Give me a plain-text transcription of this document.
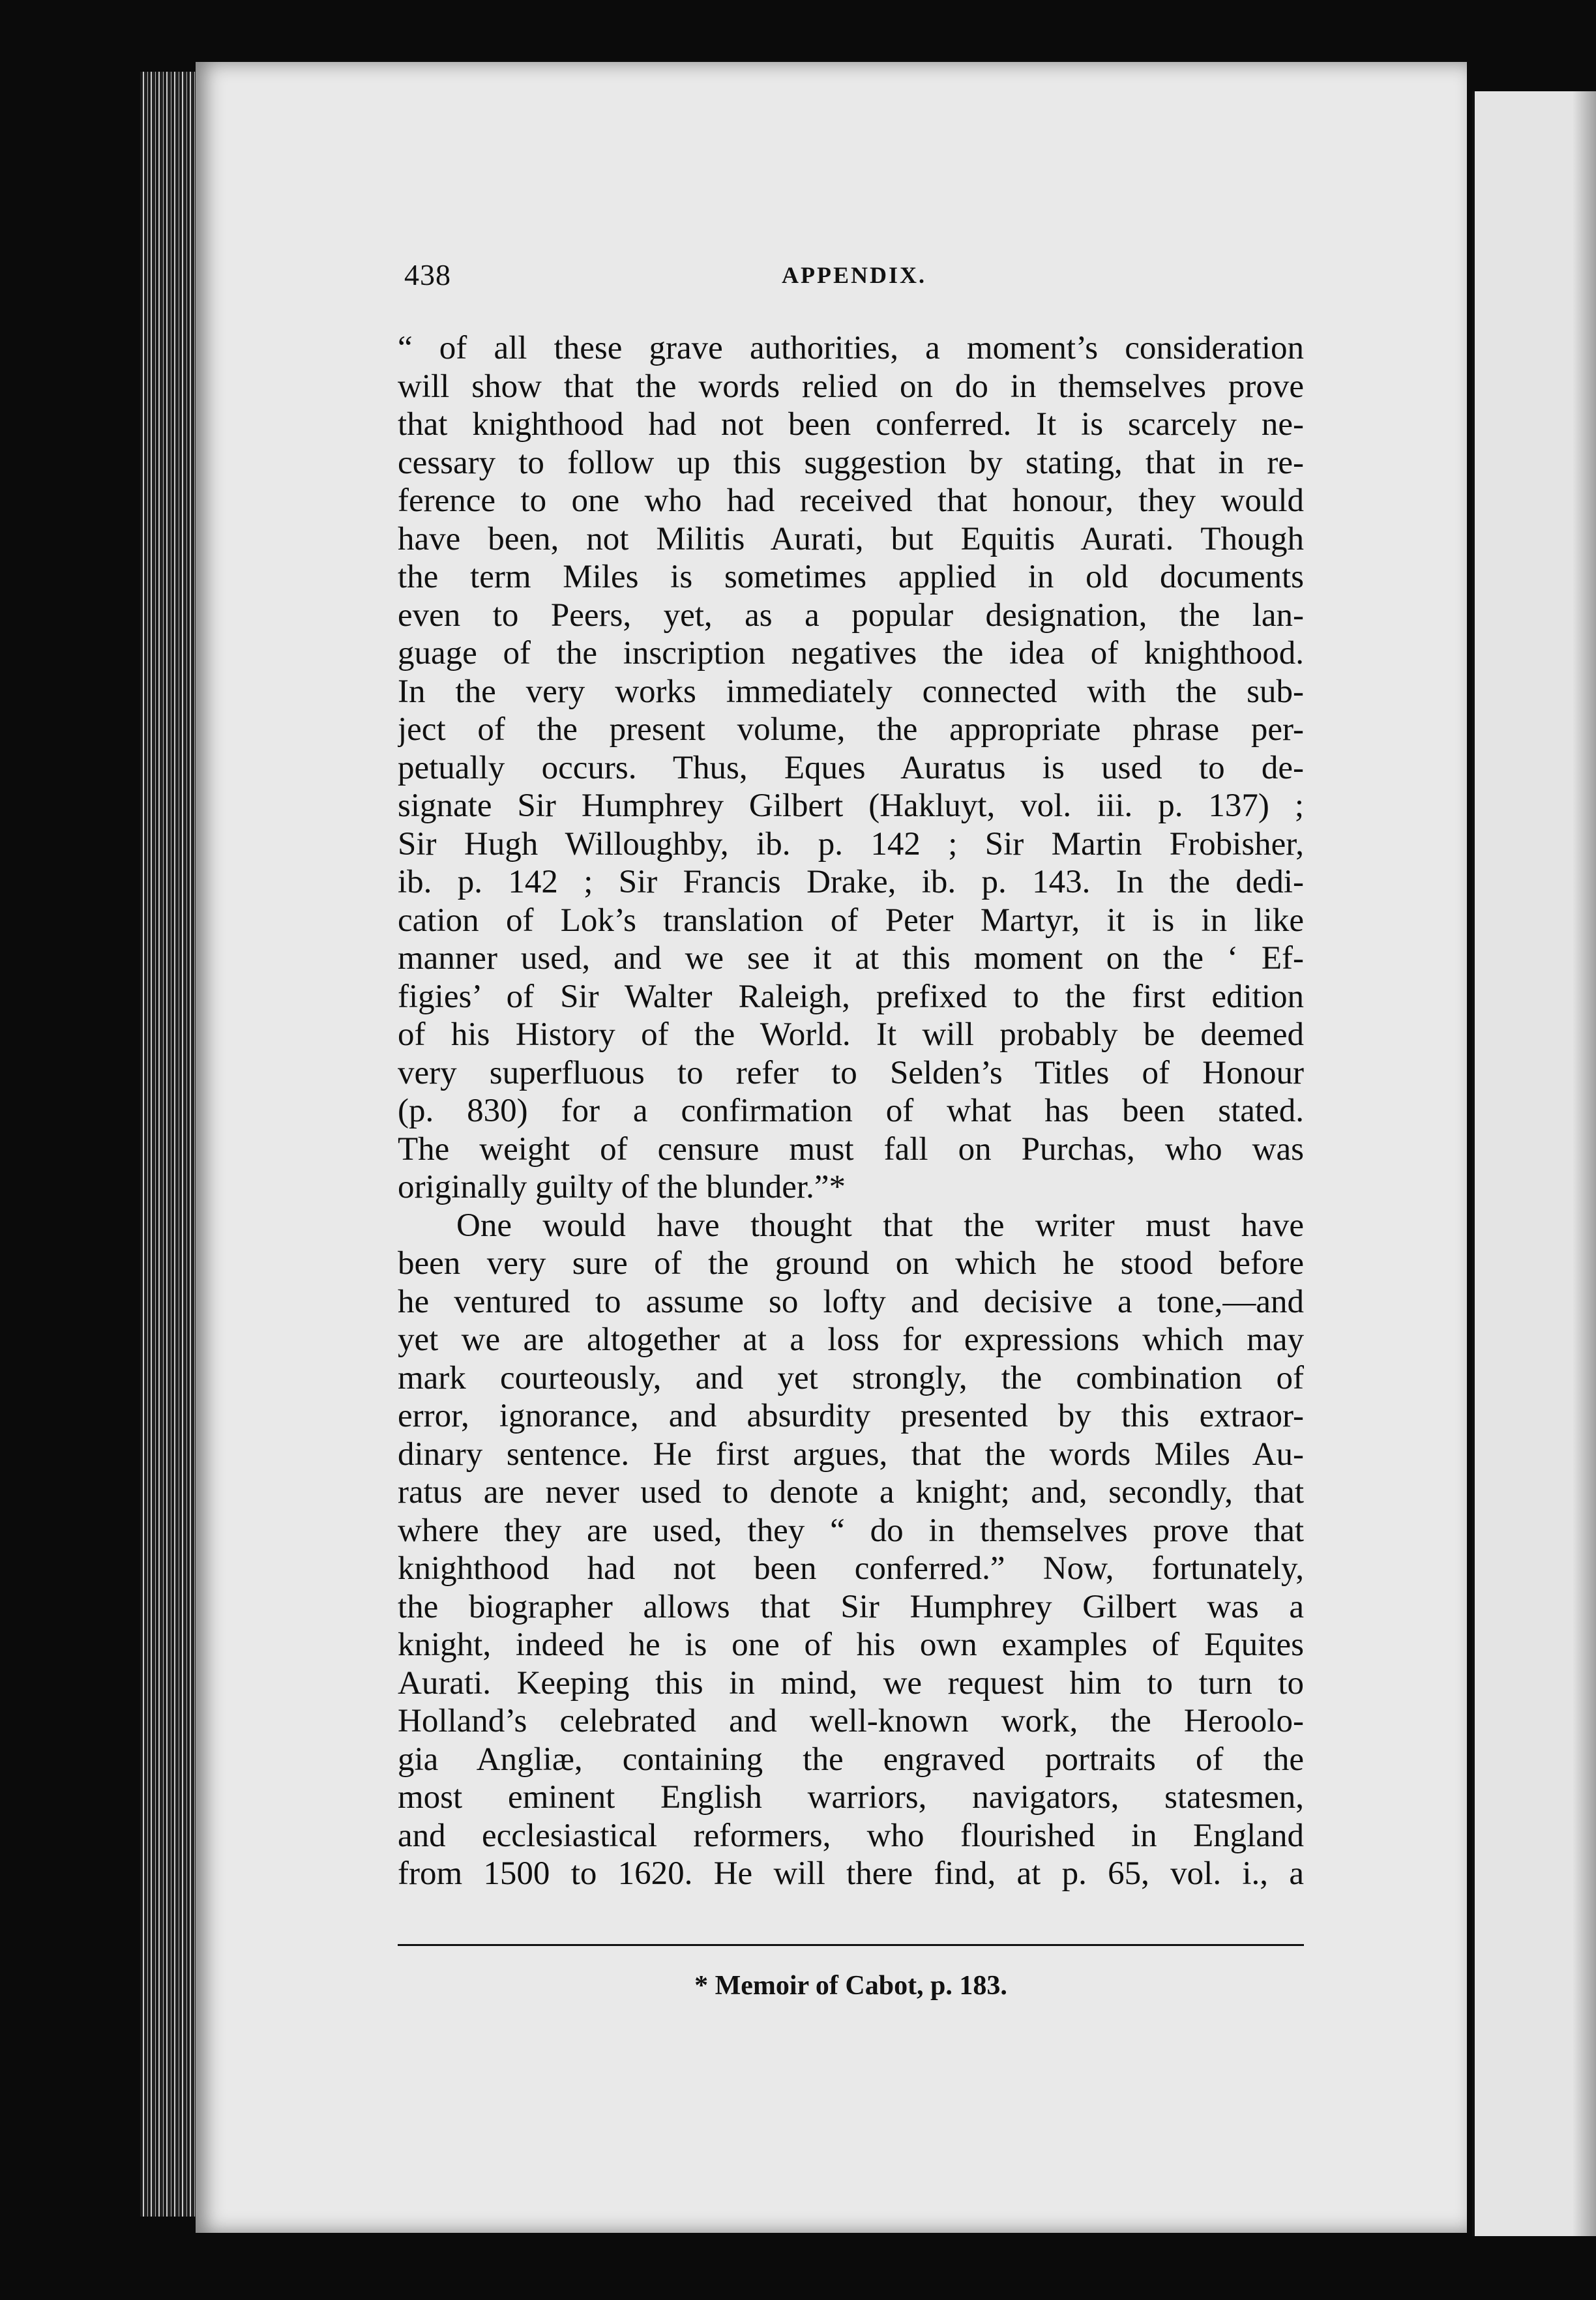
438	APPENDIX.
“ of all these grave authorities, a moment’s consideration
will show that the words relied on do in themselves prove
that knighthood had not been conferred. It is scarcely ne-
cessary to follow up this suggestion by stating, that in re-
ference to one who had received that honour, they would
have been, not Militis Aurati, but Equitis Aurati. Though
the term Miles is sometimes applied in old documents
even to Peers, yet, as a popular designation, the lan-
guage of the inscription negatives the idea of knighthood.
In the very works immediately connected with the sub-
ject of the present volume, the appropriate phrase per-
petually occurs. Thus, Eques Auratus is used to de-
signate Sir Humphrey Gilbert (Hakluyt, vol. iii. p. 137) ;
Sir Hugh Willoughby, ib. p. 142 ; Sir Martin Frobisher,
ib. p. 142 ; Sir Francis Drake, ib. p. 143. In the dedi-
cation of Lok’s translation of Peter Martyr, it is in like
manner used, and we see it at this moment on the ‘ Ef-
figies’ of Sir Walter Raleigh, prefixed to the first edition
of his History of the World. It will probably be deemed
very superfluous to refer to Selden’s Titles of Honour
(p. 830) for a confirmation of what has been stated.
The weight of censure must fall on Purchas, who was
originally guilty of the blunder.”*
One would have thought that the writer must have
been very sure of the ground on which he stood before
he ventured to assume so lofty and decisive a tone,—and
yet we are altogether at a loss for expressions which may
mark courteously, and yet strongly, the combination of
error, ignorance, and absurdity presented by this extraor-
dinary sentence. He first argues, that the words Miles Au-
ratus are never used to denote a knight; and, secondly, that
where they are used, they “ do in themselves prove that
knighthood had not been conferred.” Now, fortunately,
the biographer allows that Sir Humphrey Gilbert was a
knight, indeed he is one of his own examples of Equites
Aurati. Keeping this in mind, we request him to turn to
Holland’s celebrated and well-known work, the Heroolo-
gia Angliæ, containing the engraved portraits of the
most eminent English warriors, navigators, statesmen,
and ecclesiastical reformers, who flourished in England
from 1500 to 1620. He will there find, at p. 65, vol. i., a
* Memoir of Cabot, p. 183.
